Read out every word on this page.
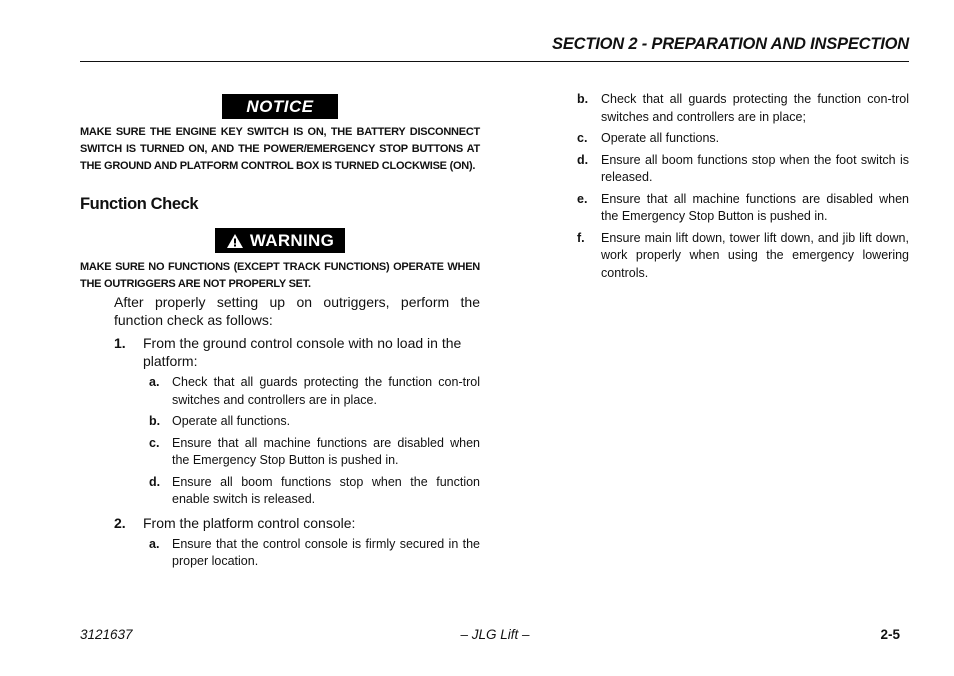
SECTION 2 - PREPARATION AND INSPECTION
NOTICE
MAKE SURE THE ENGINE KEY SWITCH IS ON, THE BATTERY DISCONNECT SWITCH IS TURNED ON, AND THE POWER/EMERGENCY STOP BUTTONS AT THE GROUND AND PLATFORM CONTROL BOX IS TURNED CLOCKWISE (ON).
Function Check
WARNING
MAKE SURE NO FUNCTIONS (EXCEPT TRACK FUNCTIONS) OPERATE WHEN THE OUTRIGGERS ARE NOT PROPERLY SET.
After properly setting up on outriggers, perform the function check as follows:
1.	From the ground control console with no load in the platform:
a.	Check that all guards protecting the function con-trol switches and controllers are in place.
b. Operate all functions.
c.	Ensure that all machine functions are disabled when the Emergency Stop Button is pushed in.
d. Ensure all boom functions stop when the function enable switch is released.
2.	From the platform control console:
a.	Ensure that the control console is firmly secured in the proper location.
b.	Check that all guards protecting the function con-trol switches and controllers are in place;
c.	Operate all functions.
d.	Ensure all boom functions stop when the foot switch is released.
e.	Ensure that all machine functions are disabled when the Emergency Stop Button is pushed in.
f.	Ensure main lift down, tower lift down, and jib lift down, work properly when using the emergency lowering controls.
3121637	– JLG Lift –	2-5
